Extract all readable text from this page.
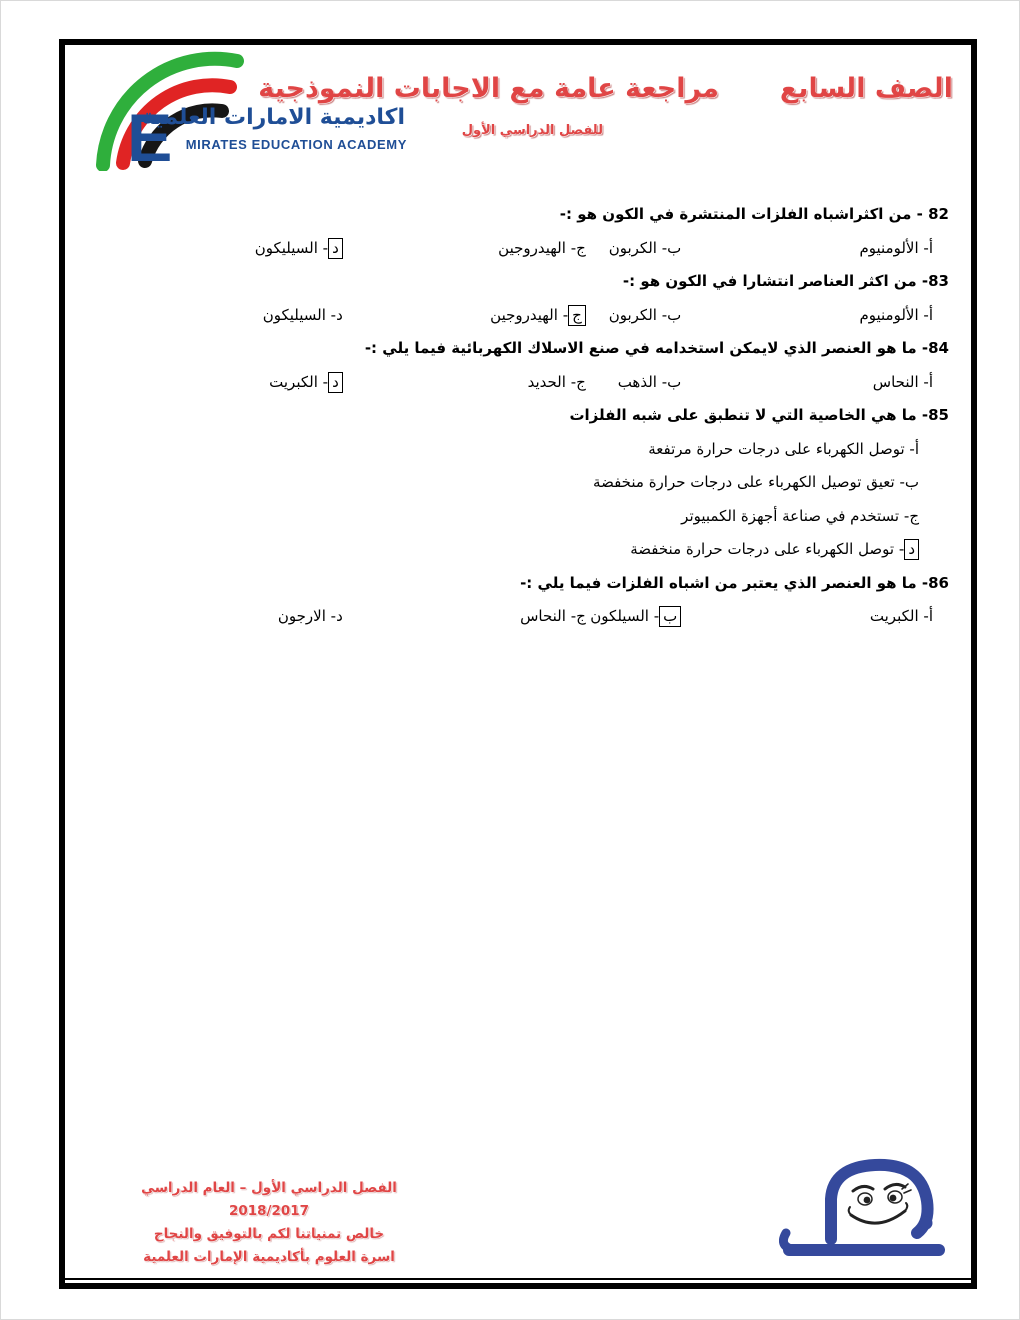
E
اكاديمية الامارات العلمية
MIRATES EDUCATION ACADEMY
الصف السابع
مراجعة عامة مع الاجابات النموذجية
للفصل الدراسي الأول
82 - من اكثراشباه الفلزات المنتشرة في الكون هو :-
أ- الألومنيوم
ب- الكربون
ج- الهيدروجين
د- السيليكون
83- من اكثر العناصر انتشارا في الكون هو :-
أ- الألومنيوم
ب- الكربون
ج- الهيدروجين
د- السيليكون
84- ما هو العنصر الذي لايمكن استخدامه في صنع الاسلاك الكهربائية فيما يلي :-
أ- النحاس
ب- الذهب
ج- الحديد
د- الكبريت
85- ما هي الخاصية التي لا تنطبق على شبه الفلزات
أ- توصل الكهرباء على درجات حرارة مرتفعة
ب- تعيق توصيل الكهرباء على درجات حرارة منخفضة
ج- تستخدم في صناعة أجهزة الكمبيوتر
د- توصل الكهرباء على درجات حرارة منخفضة
86- ما هو العنصر الذي يعتبر من اشباه الفلزات فيما يلي :-
أ- الكبريت
ب- السيلكون
ج- النحاس
د- الارجون
الفصل الدراسي الأول – العام الدراسي 2018/2017
خالص تمنياتنا لكم بالتوفيق والنجاح
اسرة العلوم بأكاديمية الإمارات العلمية
